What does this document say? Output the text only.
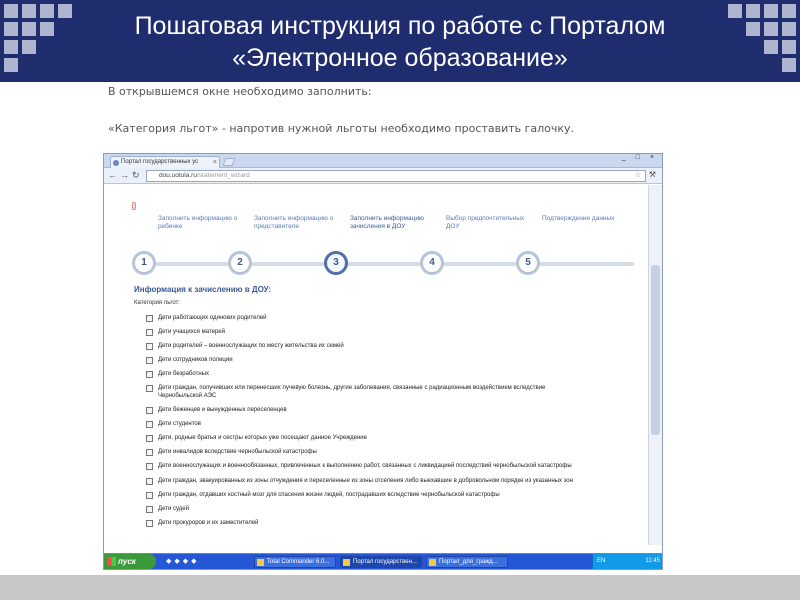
Пошаговая инструкция по работе с Порталом
«Электронное образование»
В открывшемся окне необходимо заполнить:
«Категория льгот» - напротив нужной льготы необходимо проставить галочку.
Портал государственных ус ×
_ □ ×
← → ↻	dou.uotula.ru/statement_wizard	☆ ⚒
[]
Заполнить информацию о ребенке
1
Заполнить информацию о представителе
2
Заполнить информацию зачисления в ДОУ
3
Выбор предпочтительных ДОУ
4
Подтверждение данных
5
Информация к зачислению в ДОУ:
Категория льгот:
Дети работающих одиноких родителей
Дети учащихся матерей
Дети родителей – военнослужащих по месту жительства их семей
Дети сотрудников полиции
Дети безработных
Дети граждан, получивших или перенесших лучевую болезнь, другие заболевания, связанные с радиационным воздействием вследствие Чернобыльской АЭС
Дети беженцев и вынужденных переселенцев
Дети студентов
Дети, родные братья и сестры которых уже посещают данное Учреждение
Дети инвалидов вследствие чернобыльской катастрофы
Дети военнослужащих и военнообязанных, привлеченных к выполнению работ, связанных с ликвидацией последствий чернобыльской катастрофы
Дети граждан, эвакуированных из зоны отчуждения и переселенные из зоны отселения либо выехавшие в добровольном порядке из указанных зон
Дети граждан, отдавших костный мозг для спасения жизни людей, пострадавших вследствие чернобыльской катастрофы
Дети судей
Дети прокуроров и их заместителей
пуск	◆◆◆◆	Total Commander 6.0...	Портал государствен...	Портал_для_гражд...	EN	11:45
